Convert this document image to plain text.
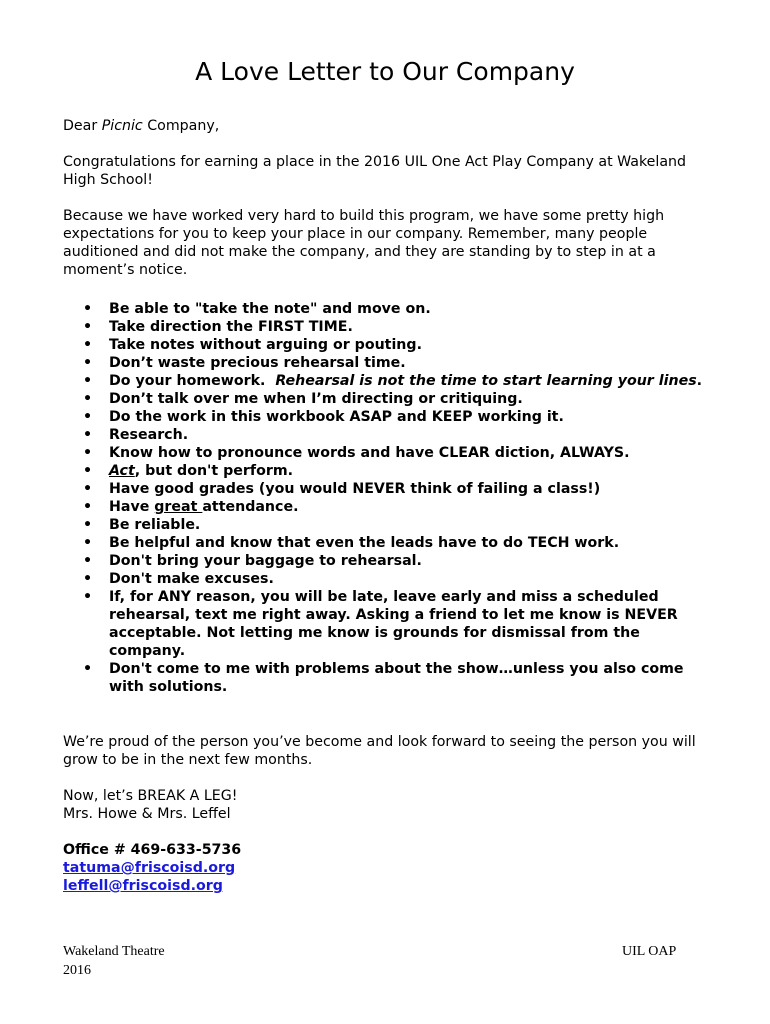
A Love Letter to Our Company
Dear Picnic Company,

Congratulations for earning a place in the 2016 UIL One Act Play Company at Wakeland High School!

Because we have worked very hard to build this program, we have some pretty high expectations for you to keep your place in our company. Remember, many people auditioned and did not make the company, and they are standing by to step in at a moment’s notice.

• Be able to "take the note" and move on.
• Take direction the FIRST TIME.
• Take notes without arguing or pouting.
• Don’t waste precious rehearsal time.
• Do your homework.  Rehearsal is not the time to start learning your lines.
• Don’t talk over me when I’m directing or critiquing.
• Do the work in this workbook ASAP and KEEP working it.
• Research.
• Know how to pronounce words and have CLEAR diction, ALWAYS.
• Act, but don't perform.
• Have good grades (you would NEVER think of failing a class!)
• Have great attendance.
• Be reliable.
• Be helpful and know that even the leads have to do TECH work.
• Don't bring your baggage to rehearsal.
• Don't make excuses.
• If, for ANY reason, you will be late, leave early and miss a scheduled rehearsal, text me right away. Asking a friend to let me know is NEVER acceptable. Not letting me know is grounds for dismissal from the company.
• Don't come to me with problems about the show…unless you also come with solutions.

We’re proud of the person you’ve become and look forward to seeing the person you will grow to be in the next few months.

Now, let’s BREAK A LEG!
Mrs. Howe & Mrs. Leffel
Office # 469-633-5736
tatuma@friscoisd.org
leffell@friscoisd.org
Wakeland Theatre
2016
UIL OAP
